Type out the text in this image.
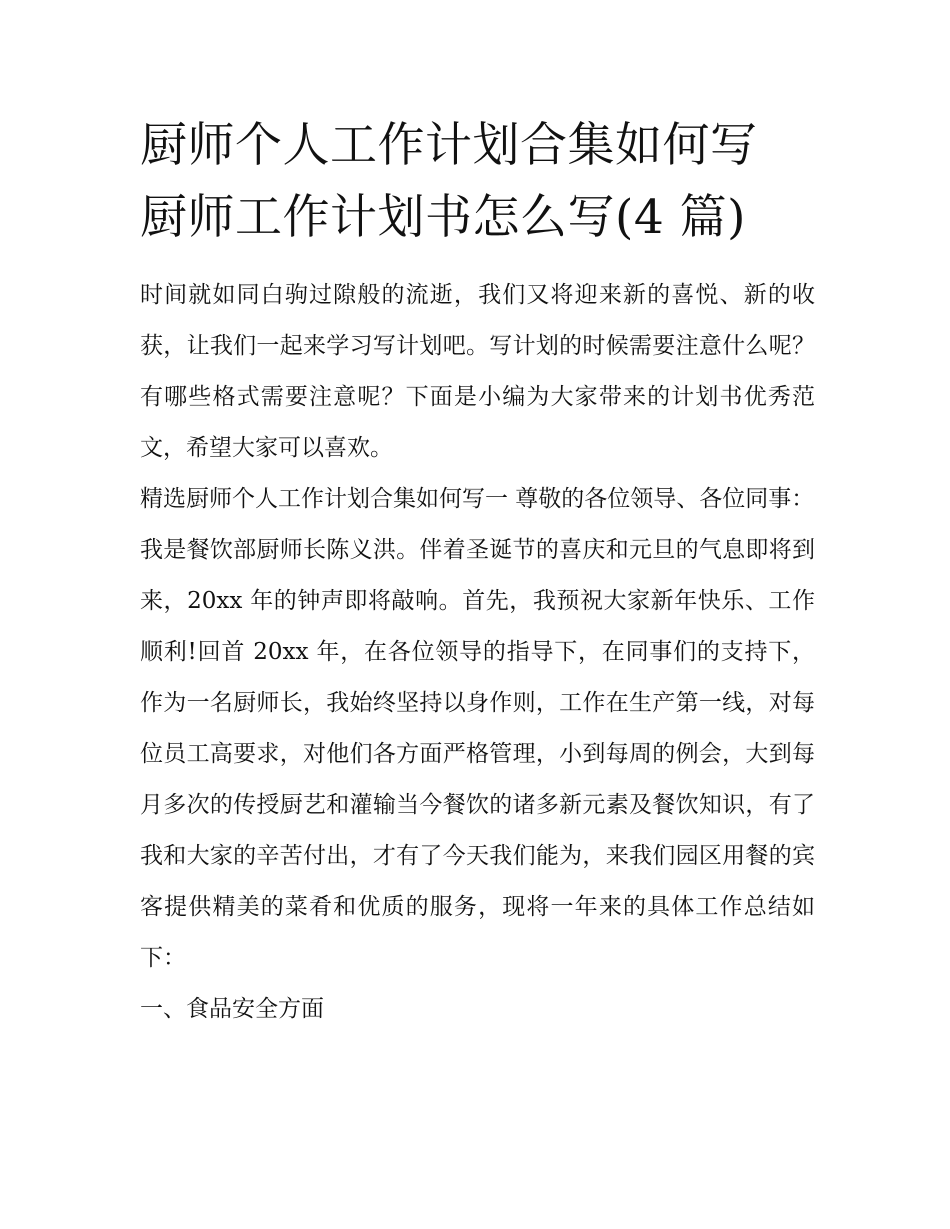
厨师个人工作计划合集如何写
厨师工作计划书怎么写(4 篇)

时间就如同白驹过隙般的流逝，我们又将迎来新的喜悦、新的收获，让我们一起来学习写计划吧。写计划的时候需要注意什么呢？有哪些格式需要注意呢？下面是小编为大家带来的计划书优秀范文，希望大家可以喜欢。

精选厨师个人工作计划合集如何写一 尊敬的各位领导、各位同事：

我是餐饮部厨师长陈义洪。伴着圣诞节的喜庆和元旦的气息即将到来，20xx 年的钟声即将敲响。首先，我预祝大家新年快乐、工作顺利!回首 20xx 年，在各位领导的指导下，在同事们的支持下，作为一名厨师长，我始终坚持以身作则，工作在生产第一线，对每位员工高要求，对他们各方面严格管理，小到每周的例会，大到每月多次的传授厨艺和灌输当今餐饮的诸多新元素及餐饮知识，有了我和大家的辛苦付出，才有了今天我们能为，来我们园区用餐的宾客提供精美的菜肴和优质的服务，现将一年来的具体工作总结如下：

一、食品安全方面
